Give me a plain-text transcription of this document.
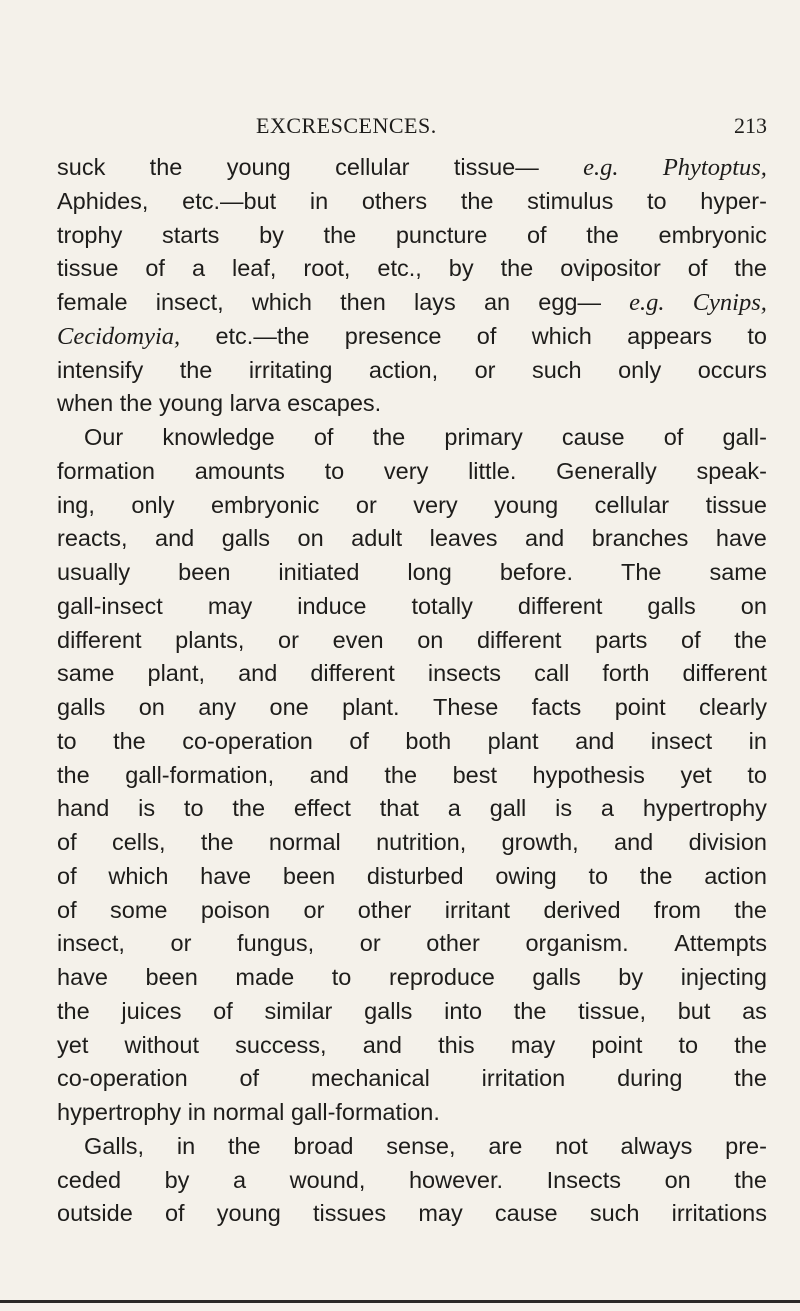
EXCRESCENCES.	213
suck the young cellular tissue— e.g. Phytoptus,
Aphides, etc.—but in others the stimulus to hyper-
trophy starts by the puncture of the embryonic
tissue of a leaf, root, etc., by the ovipositor of the
female insect, which then lays an egg— e.g. Cynips,
Cecidomyia, etc.—the presence of which appears to
intensify the irritating action, or such only occurs
when the young larva escapes.
Our knowledge of the primary cause of gall-
formation amounts to very little. Generally speak-
ing, only embryonic or very young cellular tissue
reacts, and galls on adult leaves and branches have
usually been initiated long before. The same
gall-insect may induce totally different galls on
different plants, or even on different parts of the
same plant, and different insects call forth different
galls on any one plant. These facts point clearly
to the co-operation of both plant and insect in
the gall-formation, and the best hypothesis yet to
hand is to the effect that a gall is a hypertrophy
of cells, the normal nutrition, growth, and division
of which have been disturbed owing to the action
of some poison or other irritant derived from the
insect, or fungus, or other organism. Attempts
have been made to reproduce galls by injecting
the juices of similar galls into the tissue, but as
yet without success, and this may point to the
co-operation of mechanical irritation during the
hypertrophy in normal gall-formation.
Galls, in the broad sense, are not always pre-
ceded by a wound, however. Insects on the
outside of young tissues may cause such irritations
